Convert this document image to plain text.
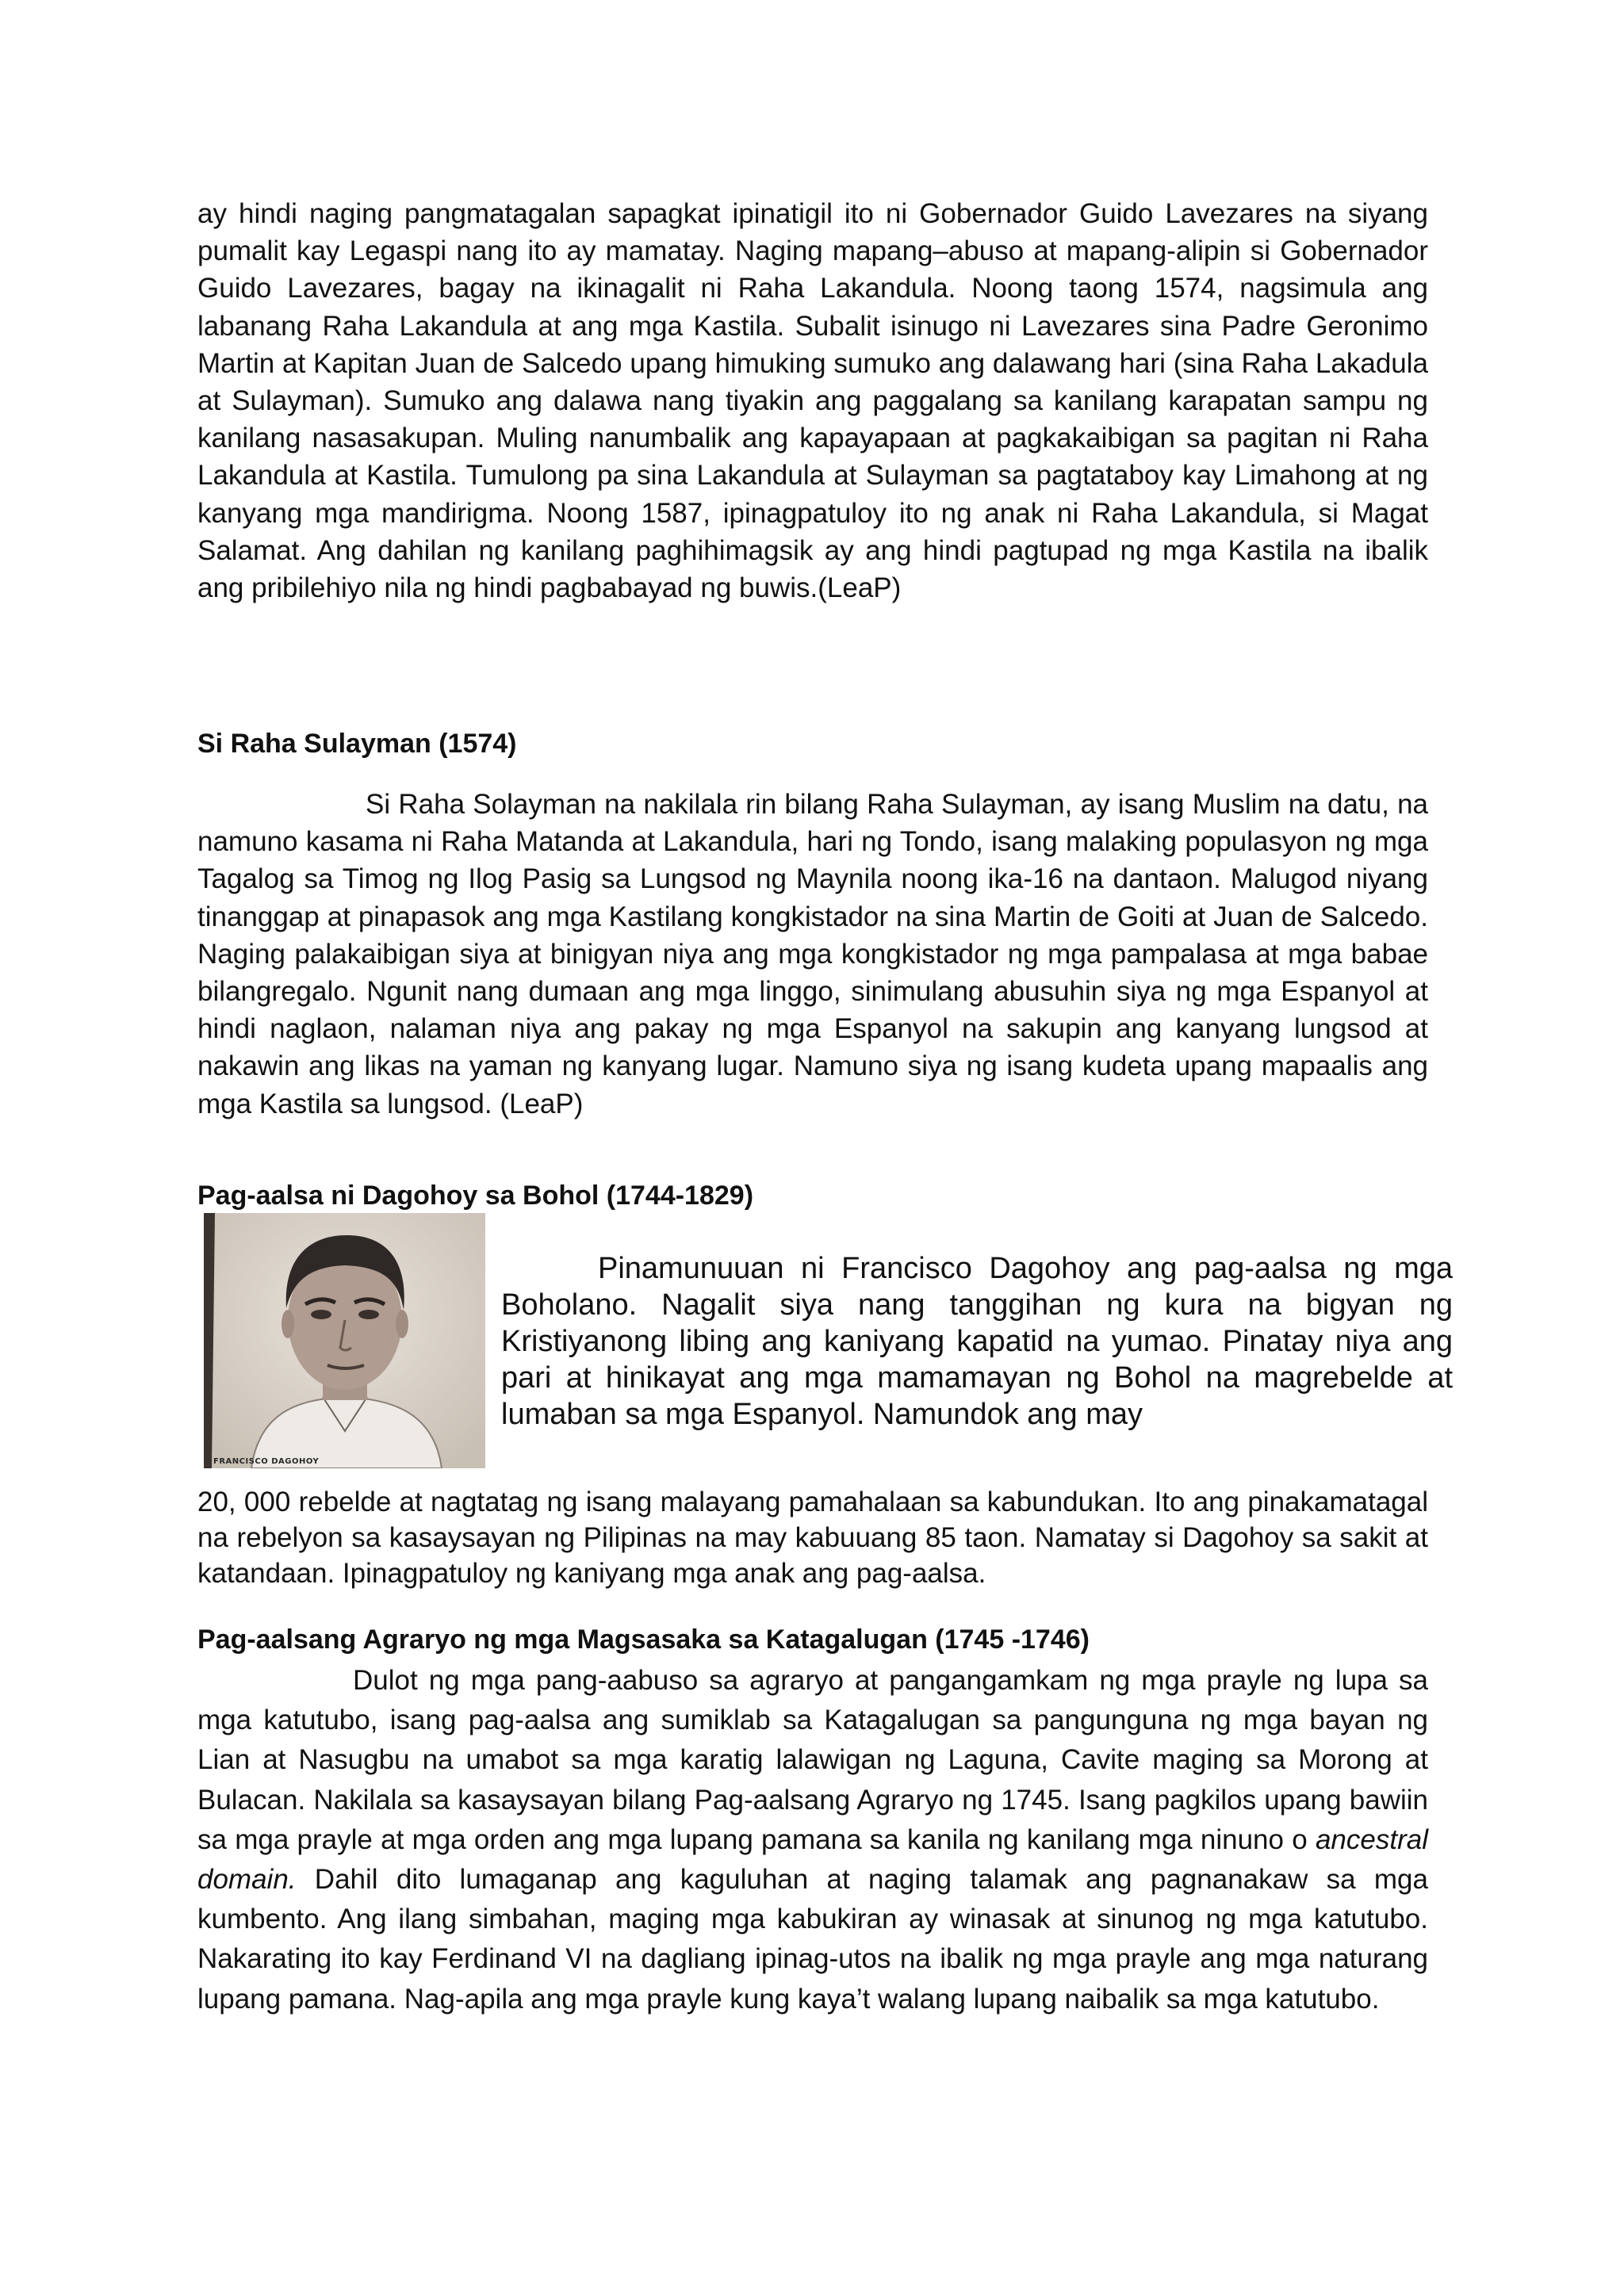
ay hindi naging pangmatagalan sapagkat ipinatigil ito ni Gobernador Guido Lavezares na siyang pumalit kay Legaspi nang ito ay mamatay. Naging mapang–abuso at mapang-alipin si Gobernador Guido Lavezares, bagay na ikinagalit ni Raha Lakandula. Noong taong 1574, nagsimula ang labanang Raha Lakandula at ang mga Kastila. Subalit isinugo ni Lavezares sina Padre Geronimo Martin at Kapitan Juan de Salcedo upang himuking sumuko ang dalawang hari (sina Raha Lakadula at Sulayman). Sumuko ang dalawa nang tiyakin ang paggalang sa kanilang karapatan sampu ng kanilang nasasakupan. Muling nanumbalik ang kapayapaan at pagkakaibigan sa pagitan ni Raha Lakandula at Kastila. Tumulong pa sina Lakandula at Sulayman sa pagtataboy kay Limahong at ng kanyang mga mandirigma. Noong 1587, ipinagpatuloy ito ng anak ni Raha Lakandula, si Magat Salamat. Ang dahilan ng kanilang paghihimagsik ay ang hindi pagtupad ng mga Kastila na ibalik ang pribilehiyo nila ng hindi pagbabayad ng buwis.(LeaP)

Si Raha Sulayman (1574)

Si Raha Solayman na nakilala rin bilang Raha Sulayman, ay isang Muslim na datu, na namuno kasama ni Raha Matanda at Lakandula, hari ng Tondo, isang malaking populasyon ng mga Tagalog sa Timog ng Ilog Pasig sa Lungsod ng Maynila noong ika-16 na dantaon. Malugod niyang tinanggap at pinapasok ang mga Kastilang kongkistador na sina Martin de Goiti at Juan de Salcedo. Naging palakaibigan siya at binigyan niya ang mga kongkistador ng mga pampalasa at mga babae bilangregalo. Ngunit nang dumaan ang mga linggo, sinimulang abusuhin siya ng mga Espanyol at hindi naglaon, nalaman niya ang pakay ng mga Espanyol na sakupin ang kanyang lungsod at nakawin ang likas na yaman ng kanyang lugar. Namuno siya ng isang kudeta upang mapaalis ang mga Kastila sa lungsod. (LeaP)

Pag-aalsa ni Dagohoy sa Bohol (1744-1829)
FRANCISCO DAGOHOY

Pinamunuuan ni Francisco Dagohoy ang pag-aalsa ng mga Boholano. Nagalit siya nang tanggihan ng kura na bigyan ng Kristiyanong libing ang kaniyang kapatid na yumao. Pinatay niya ang pari at hinikayat ang mga mamamayan ng Bohol na magrebelde at lumaban sa mga Espanyol. Namundok ang may

20, 000 rebelde at nagtatag ng isang malayang pamahalaan sa kabundukan. Ito ang pinakamatagal na rebelyon sa kasaysayan ng Pilipinas na may kabuuang 85 taon. Namatay si Dagohoy sa sakit at katandaan. Ipinagpatuloy ng kaniyang mga anak ang pag-aalsa.

Pag-aalsang Agraryo ng mga Magsasaka sa Katagalugan (1745 -1746)

Dulot ng mga pang-aabuso sa agraryo at pangangamkam ng mga prayle ng lupa sa mga katutubo, isang pag-aalsa ang sumiklab sa Katagalugan sa pangunguna ng mga bayan ng Lian at Nasugbu na umabot sa mga karatig lalawigan ng Laguna, Cavite maging sa Morong at Bulacan. Nakilala sa kasaysayan bilang Pag-aalsang Agraryo ng 1745. Isang pagkilos upang bawiin sa mga prayle at mga orden ang mga lupang pamana sa kanila ng kanilang mga ninuno o ancestral domain. Dahil dito lumaganap ang kaguluhan at naging talamak ang pagnanakaw sa mga kumbento. Ang ilang simbahan, maging mga kabukiran ay winasak at sinunog ng mga katutubo. Nakarating ito kay Ferdinand VI na dagliang ipinag-utos na ibalik ng mga prayle ang mga naturang lupang pamana. Nag-apila ang mga prayle kung kaya’t walang lupang naibalik sa mga katutubo.
